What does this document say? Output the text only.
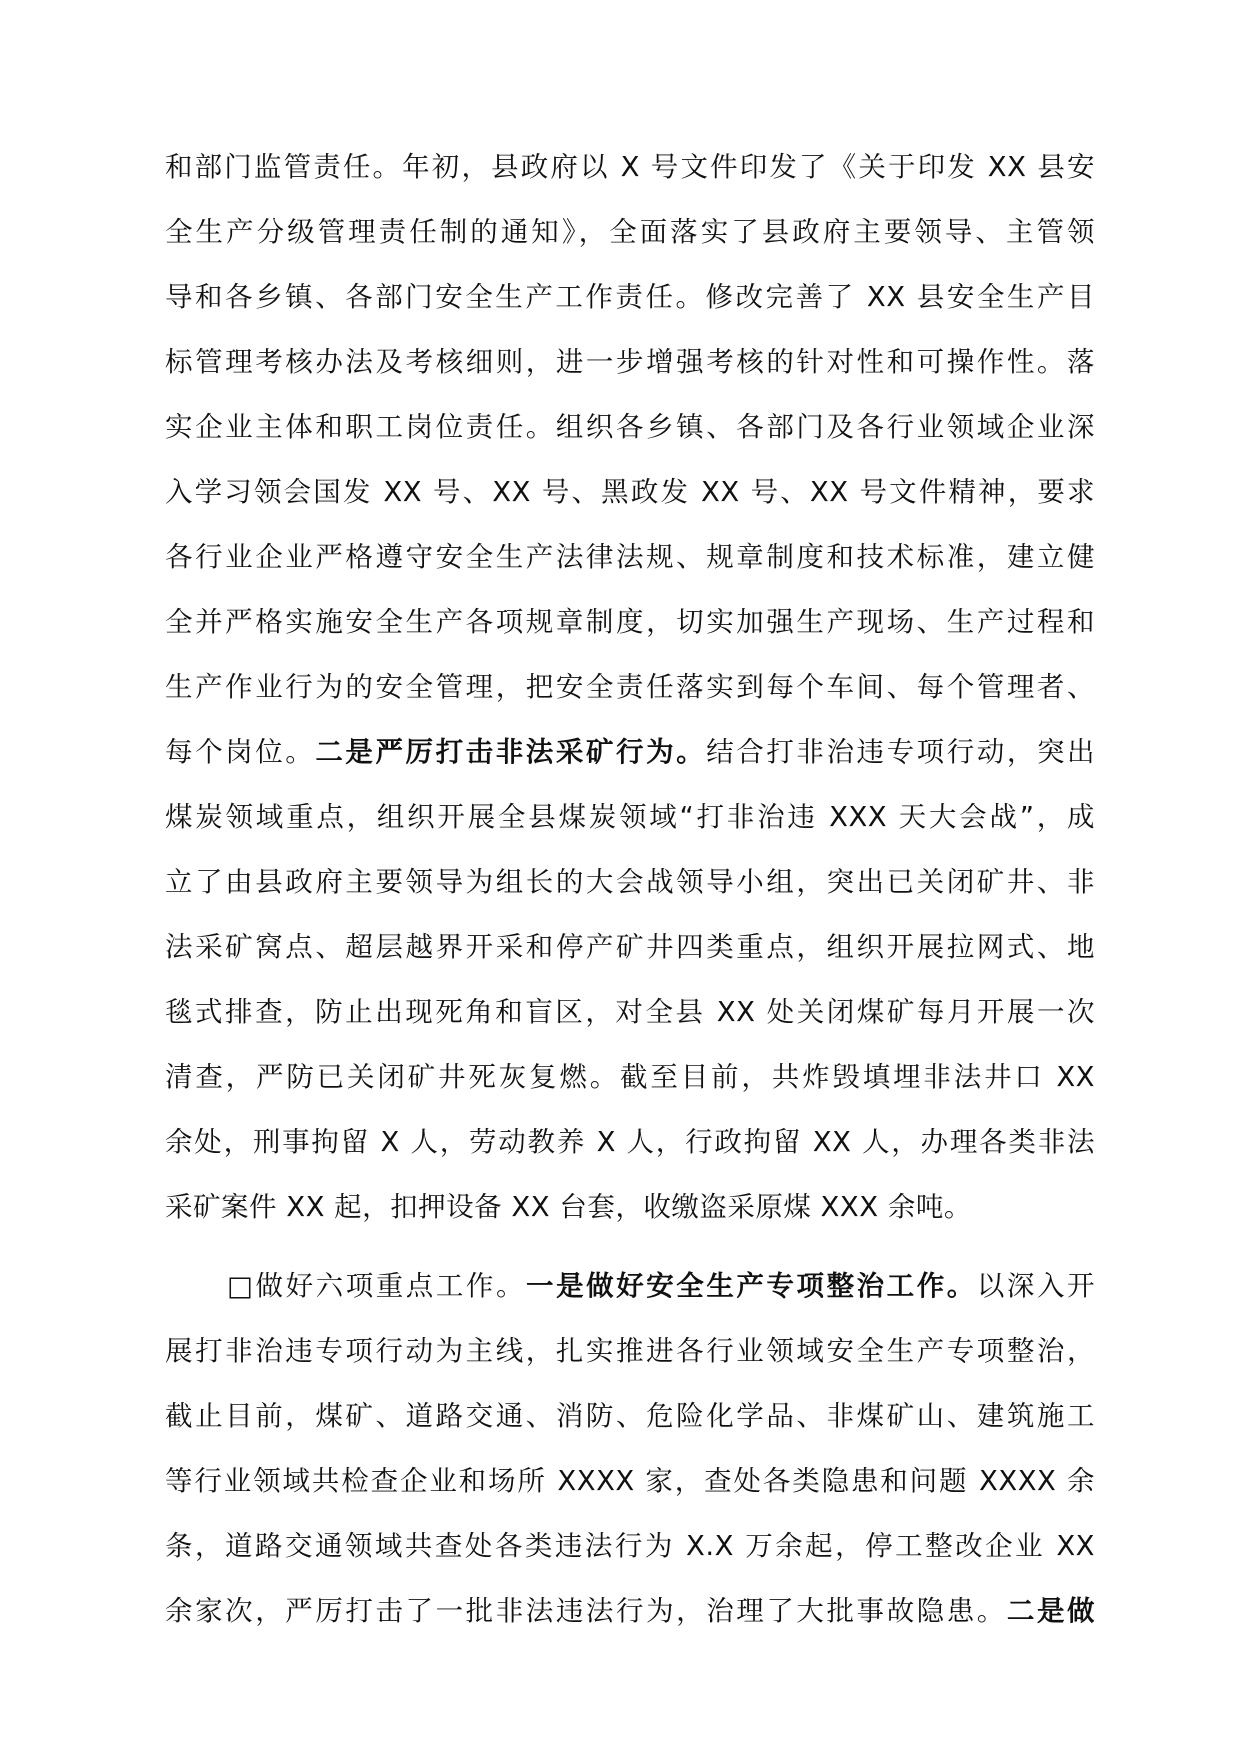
和部门监管责任。年初，县政府以 X 号文件印发了《关于印发 XX 县安
全生产分级管理责任制的通知》，全面落实了县政府主要领导、主管领
导和各乡镇、各部门安全生产工作责任。修改完善了 XX 县安全生产目
标管理考核办法及考核细则，进一步增强考核的针对性和可操作性。落
实企业主体和职工岗位责任。组织各乡镇、各部门及各行业领域企业深
入学习领会国发 XX 号、XX 号、黑政发 XX 号、XX 号文件精神，要求
各行业企业严格遵守安全生产法律法规、规章制度和技术标准，建立健
全并严格实施安全生产各项规章制度，切实加强生产现场、生产过程和
生产作业行为的安全管理，把安全责任落实到每个车间、每个管理者、
每个岗位。二是严厉打击非法采矿行为。结合打非治违专项行动，突出
煤炭领域重点，组织开展全县煤炭领域“打非治违 XXX 天大会战”，成
立了由县政府主要领导为组长的大会战领导小组，突出已关闭矿井、非
法采矿窝点、超层越界开采和停产矿井四类重点，组织开展拉网式、地
毯式排查，防止出现死角和盲区，对全县 XX 处关闭煤矿每月开展一次
清查，严防已关闭矿井死灰复燃。截至目前，共炸毁填埋非法井口 XX
余处，刑事拘留 X 人，劳动教养 X 人，行政拘留 XX 人，办理各类非法
采矿案件 XX 起，扣押设备 XX 台套，收缴盗采原煤 XXX 余吨。
□做好六项重点工作。一是做好安全生产专项整治工作。以深入开
展打非治违专项行动为主线，扎实推进各行业领域安全生产专项整治，
截止目前，煤矿、道路交通、消防、危险化学品、非煤矿山、建筑施工
等行业领域共检查企业和场所 XXXX 家，查处各类隐患和问题 XXXX 余
条，道路交通领域共查处各类违法行为 X.X 万余起，停工整改企业 XX
余家次，严厉打击了一批非法违法行为，治理了大批事故隐患。二是做
